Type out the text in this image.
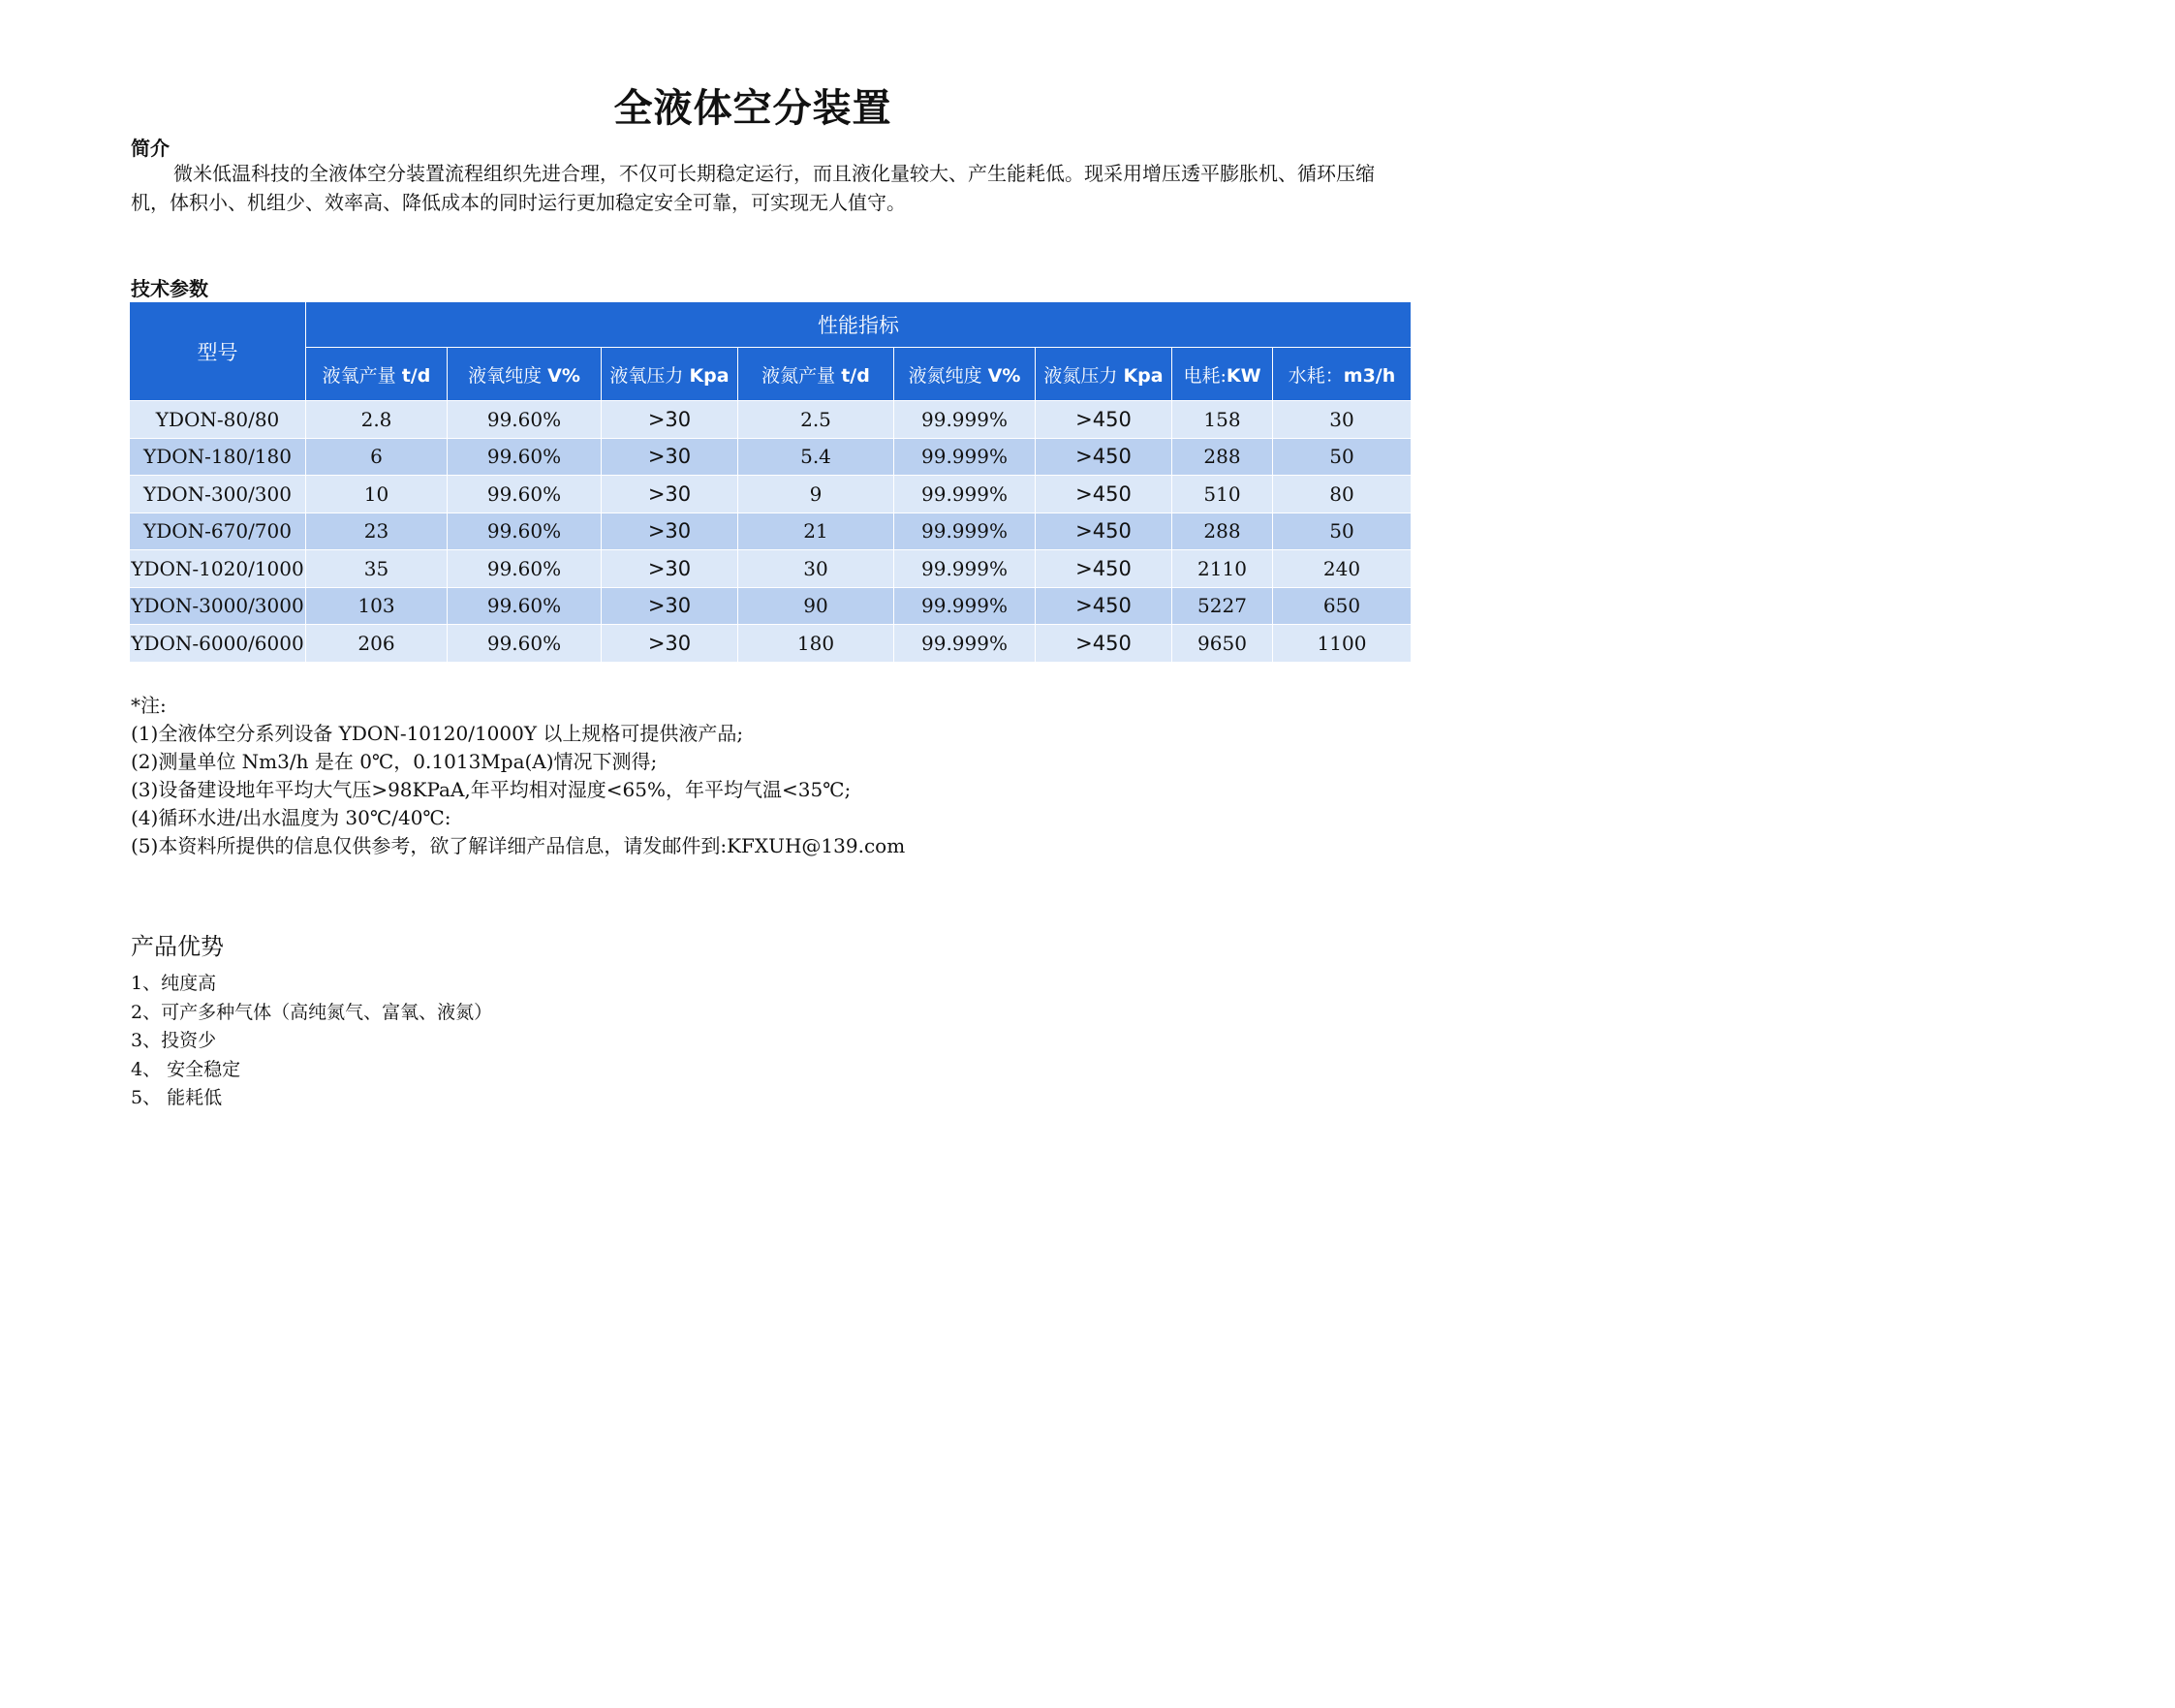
全液体空分装置
简介
微米低温科技的全液体空分装置流程组织先进合理，不仅可长期稳定运行，而且液化量较大、产生能耗低。现采用增压透平膨胀机、循环压缩机，体积小、机组少、效率高、降低成本的同时运行更加稳定安全可靠，可实现无人值守。
技术参数
型号	性能指标							
	液氧产量 t/d	液氧纯度 V%	液氧压力 Kpa	液氮产量 t/d	液氮纯度 V%	液氮压力 Kpa	电耗:KW	水耗：m3/h
YDON-80/80	2.8	99.60%	>30	2.5	99.999%	>450	158	30
YDON-180/180	6	99.60%	>30	5.4	99.999%	>450	288	50
YDON-300/300	10	99.60%	>30	9	99.999%	>450	510	80
YDON-670/700	23	99.60%	>30	21	99.999%	>450	288	50
YDON-1020/1000	35	99.60%	>30	30	99.999%	>450	2110	240
YDON-3000/3000	103	99.60%	>30	90	99.999%	>450	5227	650
YDON-6000/6000	206	99.60%	>30	180	99.999%	>450	9650	1100
*注:
(1)全液体空分系列设备 YDON-10120/1000Y 以上规格可提供液产品;
(2)测量单位 Nm3/h 是在 0℃，0.1013Mpa(A)情况下测得;
(3)设备建设地年平均大气压>98KPaA,年平均相对湿度<65%，年平均气温<35℃;
(4)循环水进/出水温度为 30℃/40℃:
(5)本资料所提供的信息仅供参考，欲了解详细产品信息，请发邮件到:KFXUH@139.com
产品优势
1、纯度高
2、可产多种气体（高纯氮气、富氧、液氮）
3、投资少
4、 安全稳定
5、 能耗低
